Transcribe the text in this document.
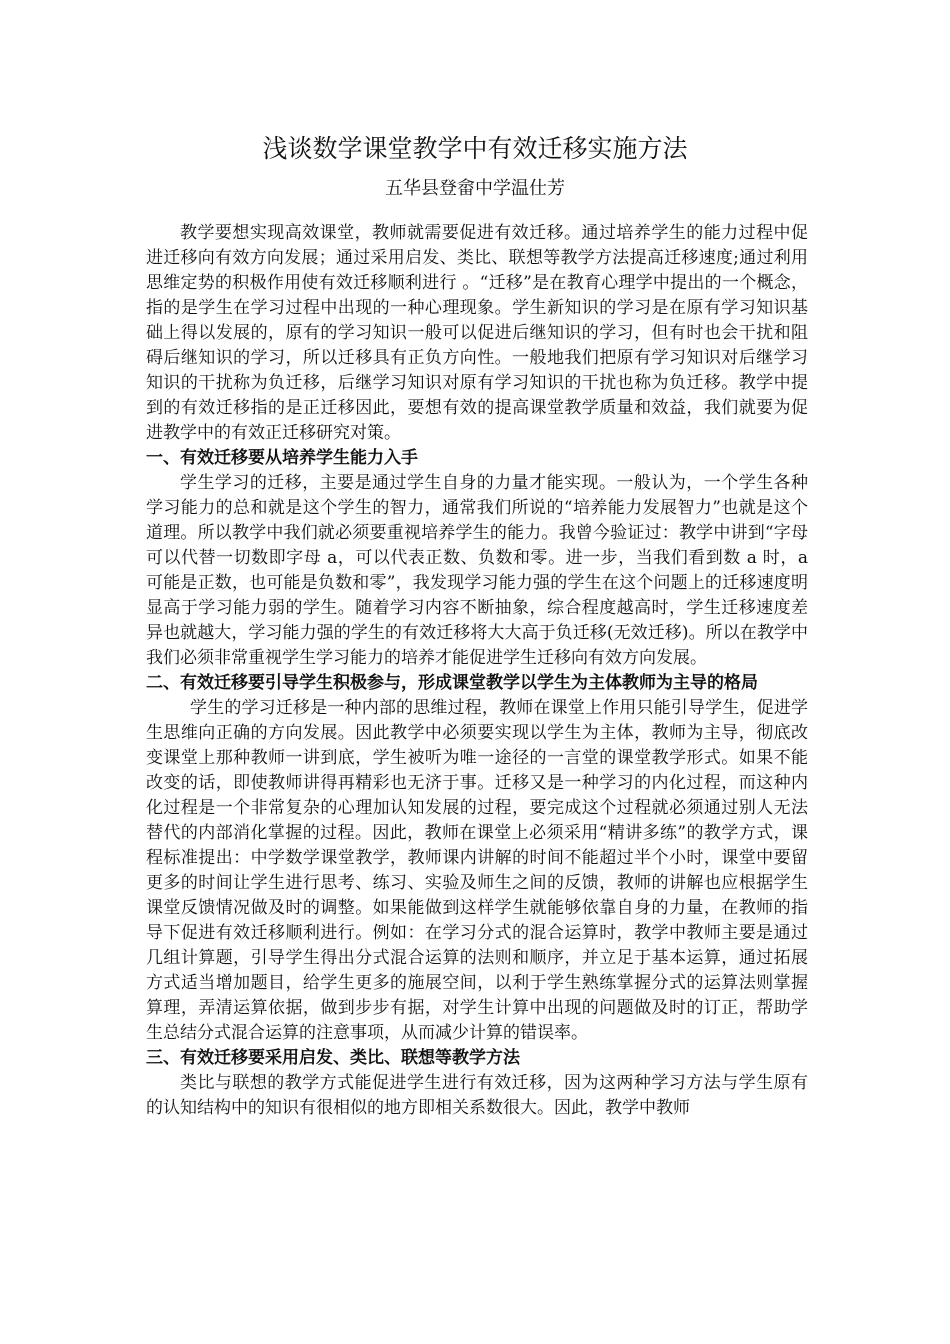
浅谈数学课堂教学中有效迁移实施方法
五华县登畲中学温仕芳

教学要想实现高效课堂，教师就需要促进有效迁移。通过培养学生的能力过程中促进迁移向有效方向发展；通过采用启发、类比、联想等教学方法提高迁移速度;通过利用思维定势的积极作用使有效迁移顺利进行 。“迁移”是在教育心理学中提出的一个概念，指的是学生在学习过程中出现的一种心理现象。学生新知识的学习是在原有学习知识基础上得以发展的，原有的学习知识一般可以促进后继知识的学习，但有时也会干扰和阻碍后继知识的学习，所以迁移具有正负方向性。一般地我们把原有学习知识对后继学习知识的干扰称为负迁移，后继学习知识对原有学习知识的干扰也称为负迁移。教学中提到的有效迁移指的是正迁移因此，要想有效的提高课堂教学质量和效益，我们就要为促进教学中的有效正迁移研究对策。

一、有效迁移要从培养学生能力入手

学生学习的迁移，主要是通过学生自身的力量才能实现。一般认为，一个学生各种学习能力的总和就是这个学生的智力，通常我们所说的“培养能力发展智力”也就是这个道理。所以教学中我们就必须要重视培养学生的能力。我曾今验证过：教学中讲到“字母可以代替一切数即字母 a，可以代表正数、负数和零。进一步，当我们看到数 a 时，a 可能是正数，也可能是负数和零”，我发现学习能力强的学生在这个问题上的迁移速度明显高于学习能力弱的学生。随着学习内容不断抽象，综合程度越高时，学生迁移速度差异也就越大，学习能力强的学生的有效迁移将大大高于负迁移(无效迁移)。所以在教学中我们必须非常重视学生学习能力的培养才能促进学生迁移向有效方向发展。

二、有效迁移要引导学生积极参与，形成课堂教学以学生为主体教师为主导的格局

学生的学习迁移是一种内部的思维过程，教师在课堂上作用只能引导学生，促进学生思维向正确的方向发展。因此教学中必须要实现以学生为主体，教师为主导，彻底改变课堂上那种教师一讲到底，学生被听为唯一途径的一言堂的课堂教学形式。如果不能改变的话，即使教师讲得再精彩也无济于事。迁移又是一种学习的内化过程，而这种内化过程是一个非常复杂的心理加认知发展的过程，要完成这个过程就必须通过别人无法替代的内部消化掌握的过程。因此，教师在课堂上必须采用“精讲多练”的教学方式，课程标准提出：中学数学课堂教学，教师课内讲解的时间不能超过半个小时，课堂中要留更多的时间让学生进行思考、练习、实验及师生之间的反馈，教师的讲解也应根据学生课堂反馈情况做及时的调整。如果能做到这样学生就能够依靠自身的力量，在教师的指导下促进有效迁移顺利进行。例如：在学习分式的混合运算时，教学中教师主要是通过几组计算题，引导学生得出分式混合运算的法则和顺序，并立足于基本运算，通过拓展方式适当增加题目，给学生更多的施展空间，以利于学生熟练掌握分式的运算法则掌握算理，弄清运算依据，做到步步有据，对学生计算中出现的问题做及时的订正，帮助学生总结分式混合运算的注意事项，从而减少计算的错误率。

三、有效迁移要采用启发、类比、联想等教学方法

类比与联想的教学方式能促进学生进行有效迁移，因为这两种学习方法与学生原有的认知结构中的知识有很相似的地方即相关系数很大。因此，教学中教师
